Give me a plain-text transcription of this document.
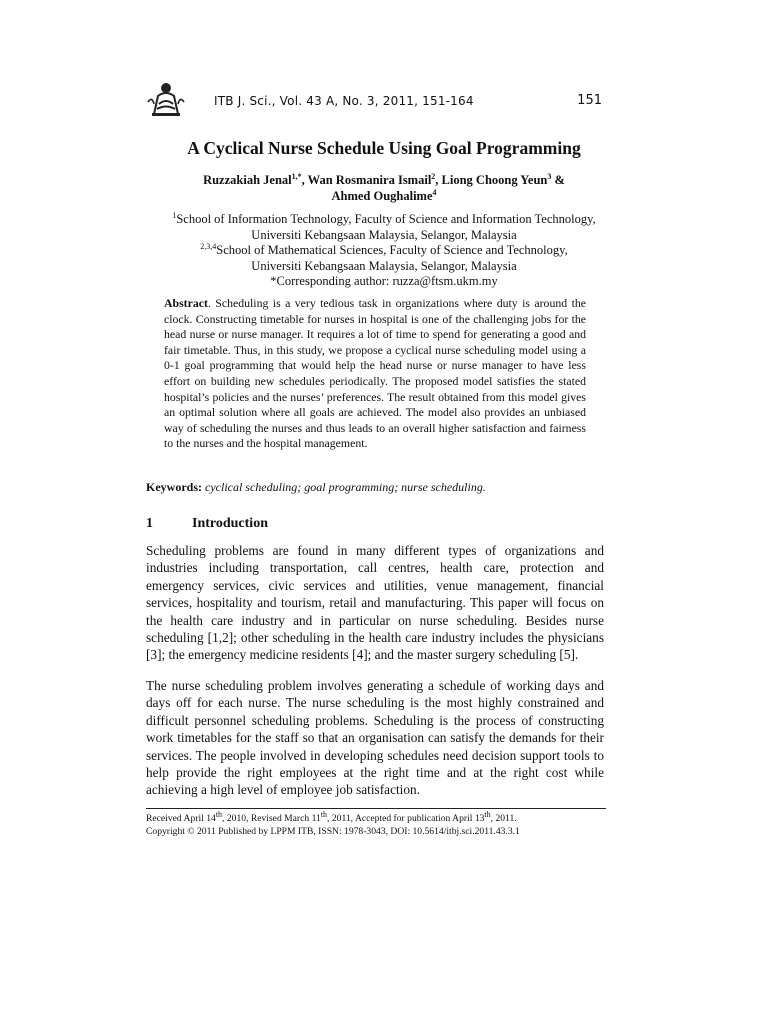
ITB J. Sci., Vol. 43 A, No. 3, 2011, 151-164	151
A Cyclical Nurse Schedule Using Goal Programming
Ruzzakiah Jenal$^{1,*}$, Wan Rosmanira Ismail$^2$, Liong Choong Yeun$^3$ &
Ahmed Oughalime$^4$
$^1$School of Information Technology, Faculty of Science and Information Technology,
Universiti Kebangsaan Malaysia, Selangor, Malaysia
$^{2,3,4}$School of Mathematical Sciences, Faculty of Science and Technology,
Universiti Kebangsaan Malaysia, Selangor, Malaysia
*Corresponding author: ruzza@ftsm.ukm.my
Abstract. Scheduling is a very tedious task in organizations where duty is around the clock. Constructing timetable for nurses in hospital is one of the challenging jobs for the head nurse or nurse manager. It requires a lot of time to spend for generating a good and fair timetable. Thus, in this study, we propose a cyclical nurse scheduling model using a 0-1 goal programming that would help the head nurse or nurse manager to have less effort on building new schedules periodically. The proposed model satisfies the stated hospital’s policies and the nurses’ preferences. The result obtained from this model gives an optimal solution where all goals are achieved. The model also provides an unbiased way of scheduling the nurses and thus leads to an overall higher satisfaction and fairness to the nurses and the hospital management.
Keywords: cyclical scheduling; goal programming; nurse scheduling.
1	Introduction
Scheduling problems are found in many different types of organizations and industries including transportation, call centres, health care, protection and emergency services, civic services and utilities, venue management, financial services, hospitality and tourism, retail and manufacturing. This paper will focus on the health care industry and in particular on nurse scheduling. Besides nurse scheduling [1,2]; other scheduling in the health care industry includes the physicians [3]; the emergency medicine residents [4]; and the master surgery scheduling [5].
The nurse scheduling problem involves generating a schedule of working days and days off for each nurse. The nurse scheduling is the most highly constrained and difficult personnel scheduling problems. Scheduling is the process of constructing work timetables for the staff so that an organisation can satisfy the demands for their services. The people involved in developing schedules need decision support tools to help provide the right employees at the right time and at the right cost while achieving a high level of employee job satisfaction.
Received April 14th, 2010, Revised March 11th, 2011, Accepted for publication April 13th, 2011.
Copyright © 2011 Published by LPPM ITB, ISSN: 1978-3043, DOI: 10.5614/itbj.sci.2011.43.3.1
